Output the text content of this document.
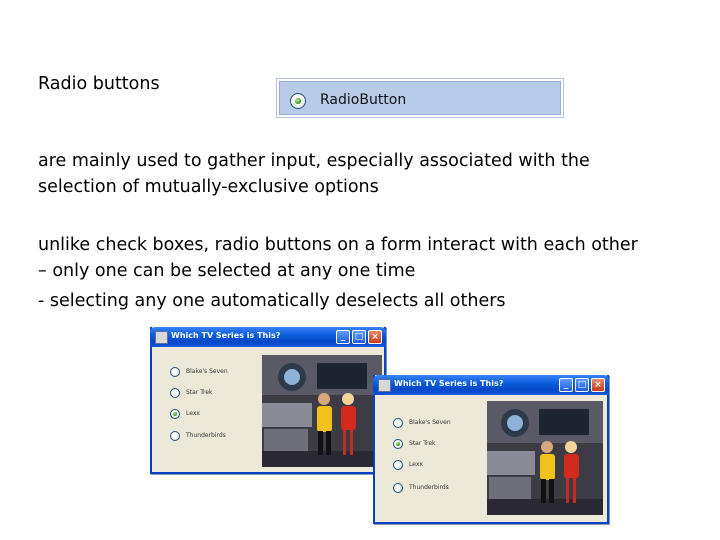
Radio buttons
RadioButton
are mainly used to gather input, especially associated with the
selection of mutually-exclusive options
unlike check boxes, radio buttons on a form interact with each other
– only one can be selected at any one time
- selecting any one automatically deselects all others
Which TV Series is This?	_	□ ×
Blake's Seven
Star Trek
Lexx
Thunderbirds
Which TV Series is This?	_	□ ×
Blake's Seven
Star Trek
Lexx
Thunderbirds
